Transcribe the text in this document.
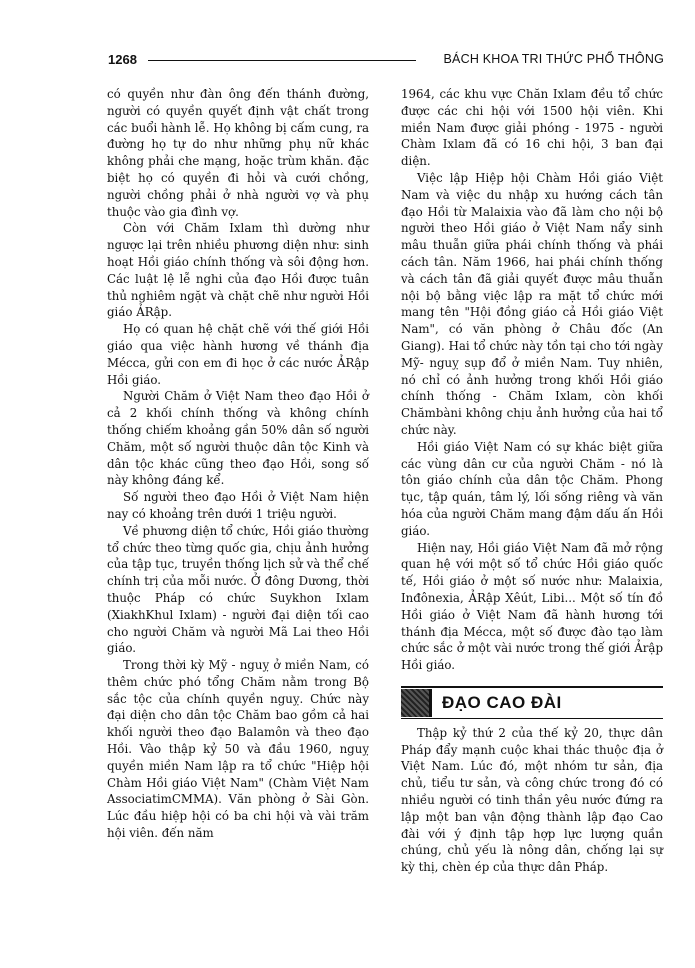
1268	BÁCH KHOA TRI THỨC PHỔ THÔNG

có quyền như đàn ông đến thánh đường, người có quyền quyết định vật chất trong các buổi hành lễ. Họ không bị cấm cung, ra đường họ tự do như những phụ nữ khác không phải che mạng, hoặc trùm khăn. đặc biệt họ có quyền đi hỏi và cưới chồng, người chồng phải ở nhà người vợ và phụ thuộc vào gia đình vợ.

Còn với Chăm Ixlam thì dường như ngược lại trên nhiều phương diện như: sinh hoạt Hồi giáo chính thống và sôi động hơn. Các luật lệ lễ nghi của đạo Hồi được tuân thủ nghiêm ngặt và chặt chẽ như người Hồi giáo ẢRập.

Họ có quan hệ chặt chẽ với thế giới Hồi giáo qua việc hành hương về thánh địa Mécca, gửi con em đi học ở các nước ẢRập Hồi giáo.

Người Chăm ở Việt Nam theo đạo Hồi ở cả 2 khối chính thống và không chính thống chiếm khoảng gần 50% dân số người Chăm, một số người thuộc dân tộc Kinh và dân tộc khác cũng theo đạo Hồi, song số này không đáng kể.

Số người theo đạo Hồi ở Việt Nam hiện nay có khoảng trên dưới 1 triệu người.

Về phương diện tổ chức, Hồi giáo thường tổ chức theo từng quốc gia, chịu ảnh hưởng của tập tục, truyền thống lịch sử và thể chế chính trị của mỗi nước. Ở đông Dương, thời thuộc Pháp có chức Suykhon Ixlam (XiakhKhul Ixlam) - người đại diện tối cao cho người Chăm và người Mã Lai theo Hồi giáo.

Trong thời kỳ Mỹ - nguỵ ở miền Nam, có thêm chức phó tổng Chăm nằm trong Bộ sắc tộc của chính quyền nguỵ. Chức này đại diện cho dân tộc Chăm bao gồm cả hai khối người theo đạo Balamôn và theo đạo Hồi. Vào thập kỷ 50 và đầu 1960, nguỵ quyền miền Nam lập ra tổ chức "Hiệp hội Chàm Hồi giáo Việt Nam" (Chàm Việt Nam AssociatimCMMA). Văn phòng ở Sài Gòn. Lúc đầu hiệp hội có ba chi hội và vài trăm hội viên. đến năm

1964, các khu vực Chăn Ixlam đều tổ chức được các chi hội với 1500 hội viên. Khi miền Nam được giải phóng - 1975 - người Chàm Ixlam đã có 16 chi hội, 3 ban đại diện.

Việc lập Hiệp hội Chàm Hồi giáo Việt Nam và việc du nhập xu hướng cách tân đạo Hồi từ Malaixia vào đã làm cho nội bộ người theo Hồi giáo ở Việt Nam nẩy sinh mâu thuẫn giữa phái chính thống và phái cách tân. Năm 1966, hai phái chính thống và cách tân đã giải quyết được mâu thuẫn nội bộ bằng việc lập ra mặt tổ chức mới mang tên "Hội đồng giáo cả Hồi giáo Việt Nam", có văn phòng ở Châu đốc (An Giang). Hai tổ chức này tồn tại cho tới ngày Mỹ- nguỵ sụp đổ ở miền Nam. Tuy nhiên, nó chỉ có ảnh hưởng trong khối Hồi giáo chính thống - Chăm Ixlam, còn khối Chămbàni không chịu ảnh hưởng của hai tổ chức này.

Hồi giáo Việt Nam có sự khác biệt giữa các vùng dân cư của người Chăm - nó là tôn giáo chính của dân tộc Chăm. Phong tục, tập quán, tâm lý, lối sống riêng và văn hóa của người Chăm mang đậm dấu ấn Hồi giáo.

Hiện nay, Hồi giáo Việt Nam đã mở rộng quan hệ với một số tổ chức Hồi giáo quốc tế, Hồi giáo ở một số nước như: Malaixia, Inđônexia, ẢRập Xêút, Libi... Một số tín đồ Hồi giáo ở Việt Nam đã hành hương tới thánh địa Mécca, một số được đào tạo làm chức sắc ở một vài nước trong thế giới Ảrập Hồi giáo.

ĐẠO CAO ĐÀI

Thập kỷ thứ 2 của thế kỷ 20, thực dân Pháp đẩy mạnh cuộc khai thác thuộc địa ở Việt Nam. Lúc đó, một nhóm tư sản, địa chủ, tiểu tư sản, và công chức trong đó có nhiều người có tinh thần yêu nước đứng ra lập một ban vận động thành lập đạo Cao đài với ý định tập hợp lực lượng quần chúng, chủ yếu là nông dân, chống lại sự kỳ thị, chèn ép của thực dân Pháp.
